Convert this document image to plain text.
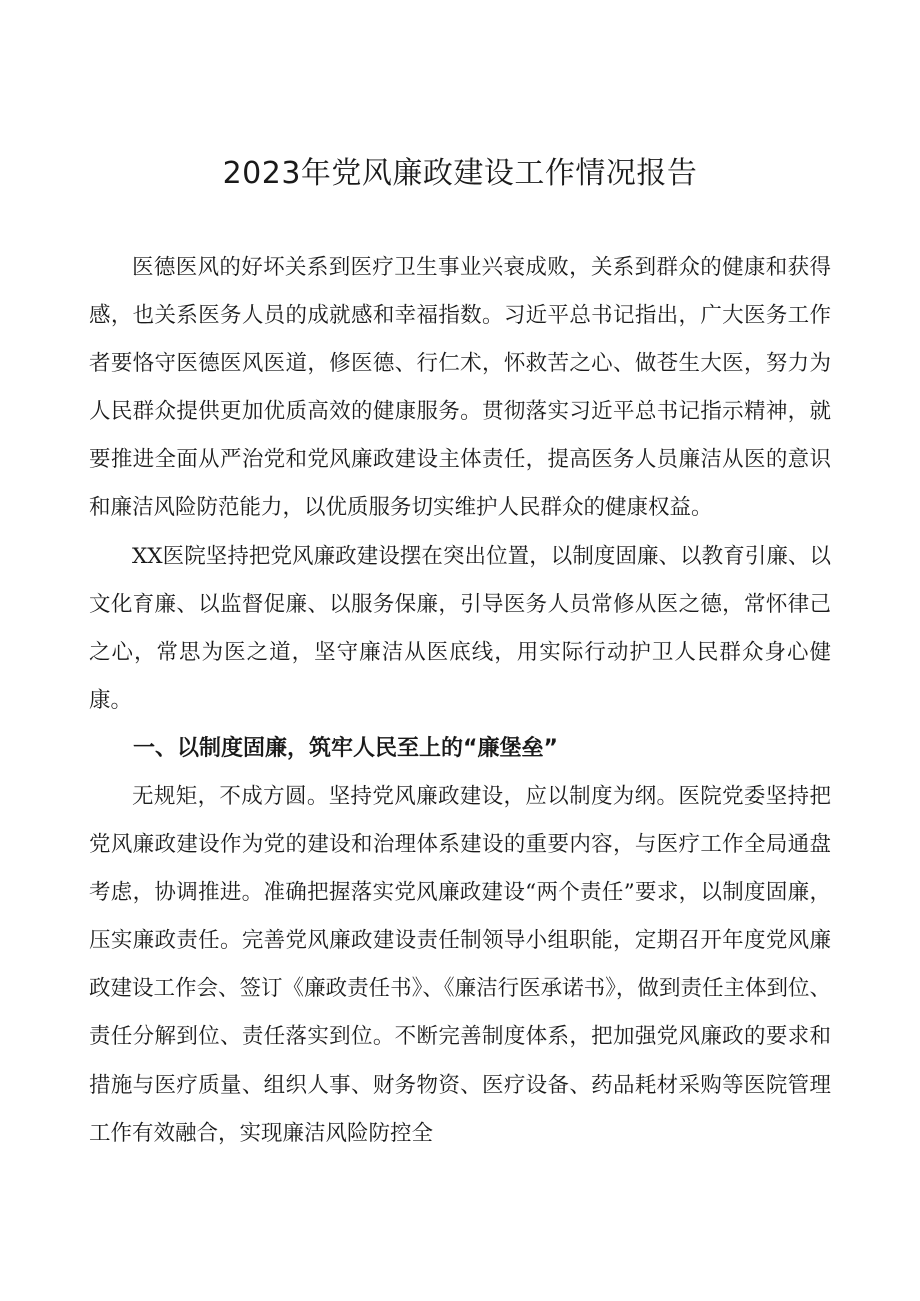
2023年党风廉政建设工作情况报告

医德医风的好坏关系到医疗卫生事业兴衰成败，关系到群众的健康和获得感，也关系医务人员的成就感和幸福指数。习近平总书记指出，广大医务工作者要恪守医德医风医道，修医德、行仁术，怀救苦之心、做苍生大医，努力为人民群众提供更加优质高效的健康服务。贯彻落实习近平总书记指示精神，就要推进全面从严治党和党风廉政建设主体责任，提高医务人员廉洁从医的意识和廉洁风险防范能力，以优质服务切实维护人民群众的健康权益。

XX医院坚持把党风廉政建设摆在突出位置，以制度固廉、以教育引廉、以文化育廉、以监督促廉、以服务保廉，引导医务人员常修从医之德，常怀律己之心，常思为医之道，坚守廉洁从医底线，用实际行动护卫人民群众身心健康。

一、以制度固廉，筑牢人民至上的“廉堡垒”

无规矩，不成方圆。坚持党风廉政建设，应以制度为纲。医院党委坚持把党风廉政建设作为党的建设和治理体系建设的重要内容，与医疗工作全局通盘考虑，协调推进。准确把握落实党风廉政建设“两个责任”要求，以制度固廉，压实廉政责任。完善党风廉政建设责任制领导小组职能，定期召开年度党风廉政建设工作会、签订《廉政责任书》、《廉洁行医承诺书》，做到责任主体到位、责任分解到位、责任落实到位。不断完善制度体系，把加强党风廉政的要求和措施与医疗质量、组织人事、财务物资、医疗设备、药品耗材采购等医院管理工作有效融合，实现廉洁风险防控全
